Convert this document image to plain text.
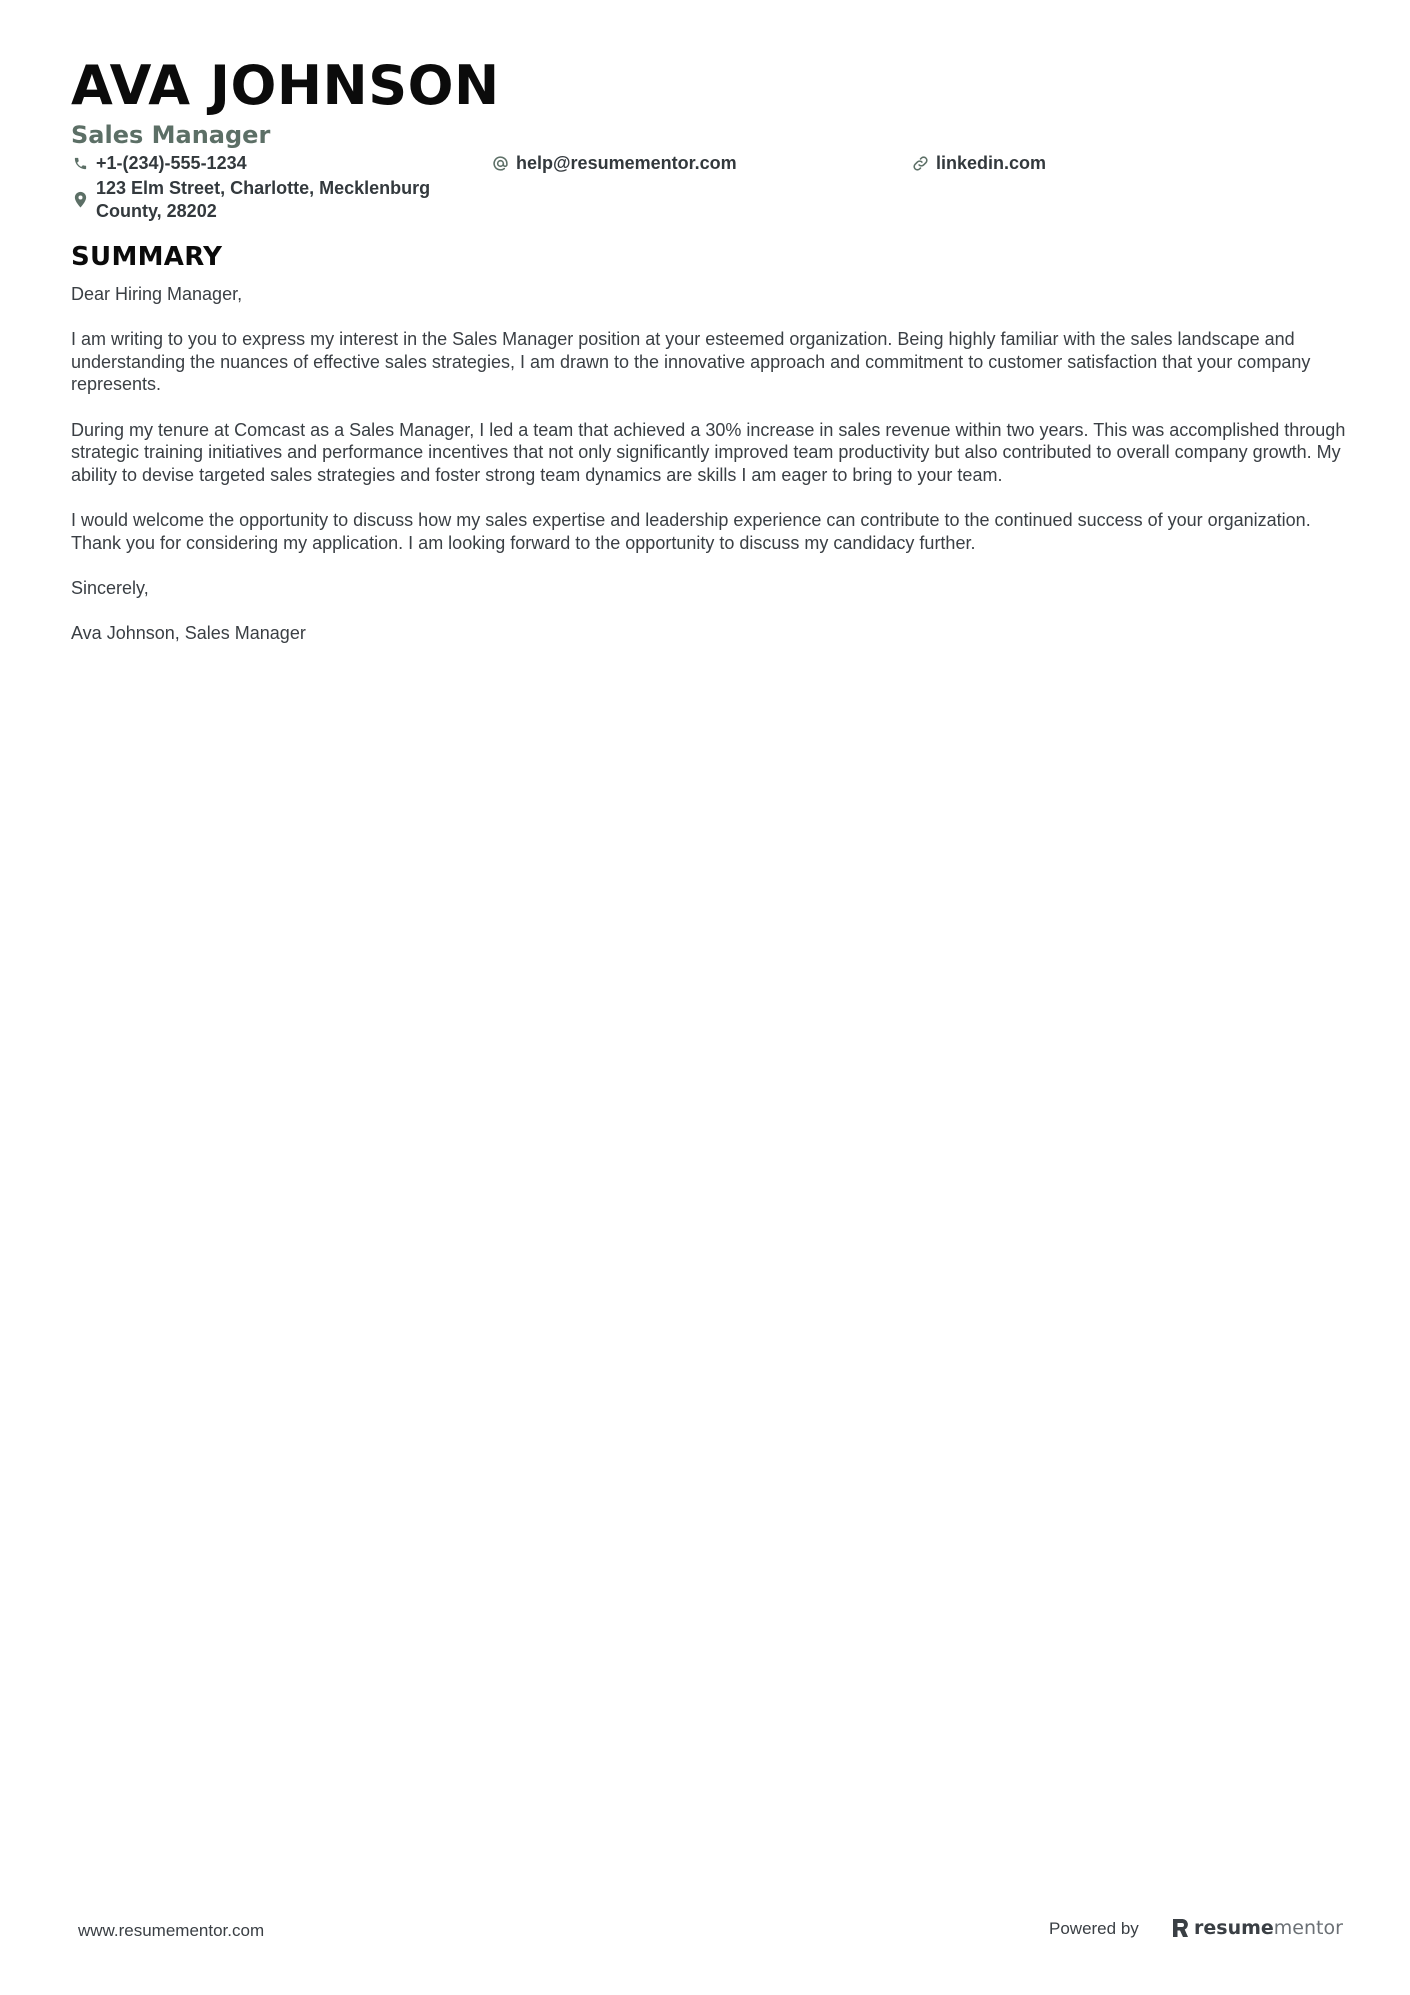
AVA JOHNSON
Sales Manager
+1-(234)-555-1234	help@resumementor.com	linkedin.com
123 Elm Street, Charlotte, Mecklenburg
County, 28202
SUMMARY

Dear Hiring Manager,

I am writing to you to express my interest in the Sales Manager position at your esteemed organization. Being highly familiar with the sales landscape and understanding the nuances of effective sales strategies, I am drawn to the innovative approach and commitment to customer satisfaction that your company represents.

During my tenure at Comcast as a Sales Manager, I led a team that achieved a 30% increase in sales revenue within two years. This was accomplished through strategic training initiatives and performance incentives that not only significantly improved team productivity but also contributed to overall company growth. My ability to devise targeted sales strategies and foster strong team dynamics are skills I am eager to bring to your team.

I would welcome the opportunity to discuss how my sales expertise and leadership experience can contribute to the continued success of your organization. Thank you for considering my application. I am looking forward to the opportunity to discuss my candidacy further.

Sincerely,

Ava Johnson, Sales Manager

www.resumementor.com	Powered by	resume mentor
